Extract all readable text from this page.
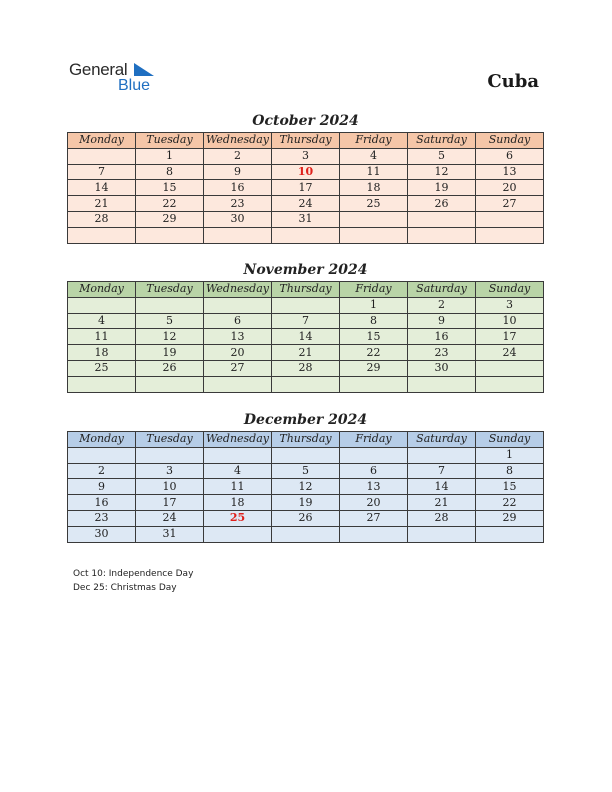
General
Blue	Cuba
October 2024
Monday	Tuesday	Wednesday	Thursday	Friday	Saturday	Sunday
	1	2	3	4	5	6
7	8	9	10	11	12	13
14	15	16	17	18	19	20
21	22	23	24	25	26	27
28	29	30	31			

November 2024
Monday	Tuesday	Wednesday	Thursday	Friday	Saturday	Sunday
				1	2	3
4	5	6	7	8	9	10
11	12	13	14	15	16	17
18	19	20	21	22	23	24
25	26	27	28	29	30	

December 2024
Monday	Tuesday	Wednesday	Thursday	Friday	Saturday	Sunday
						1
2	3	4	5	6	7	8
9	10	11	12	13	14	15
16	17	18	19	20	21	22
23	24	25	26	27	28	29
30	31					
Oct 10: Independence Day
Dec 25: Christmas Day
